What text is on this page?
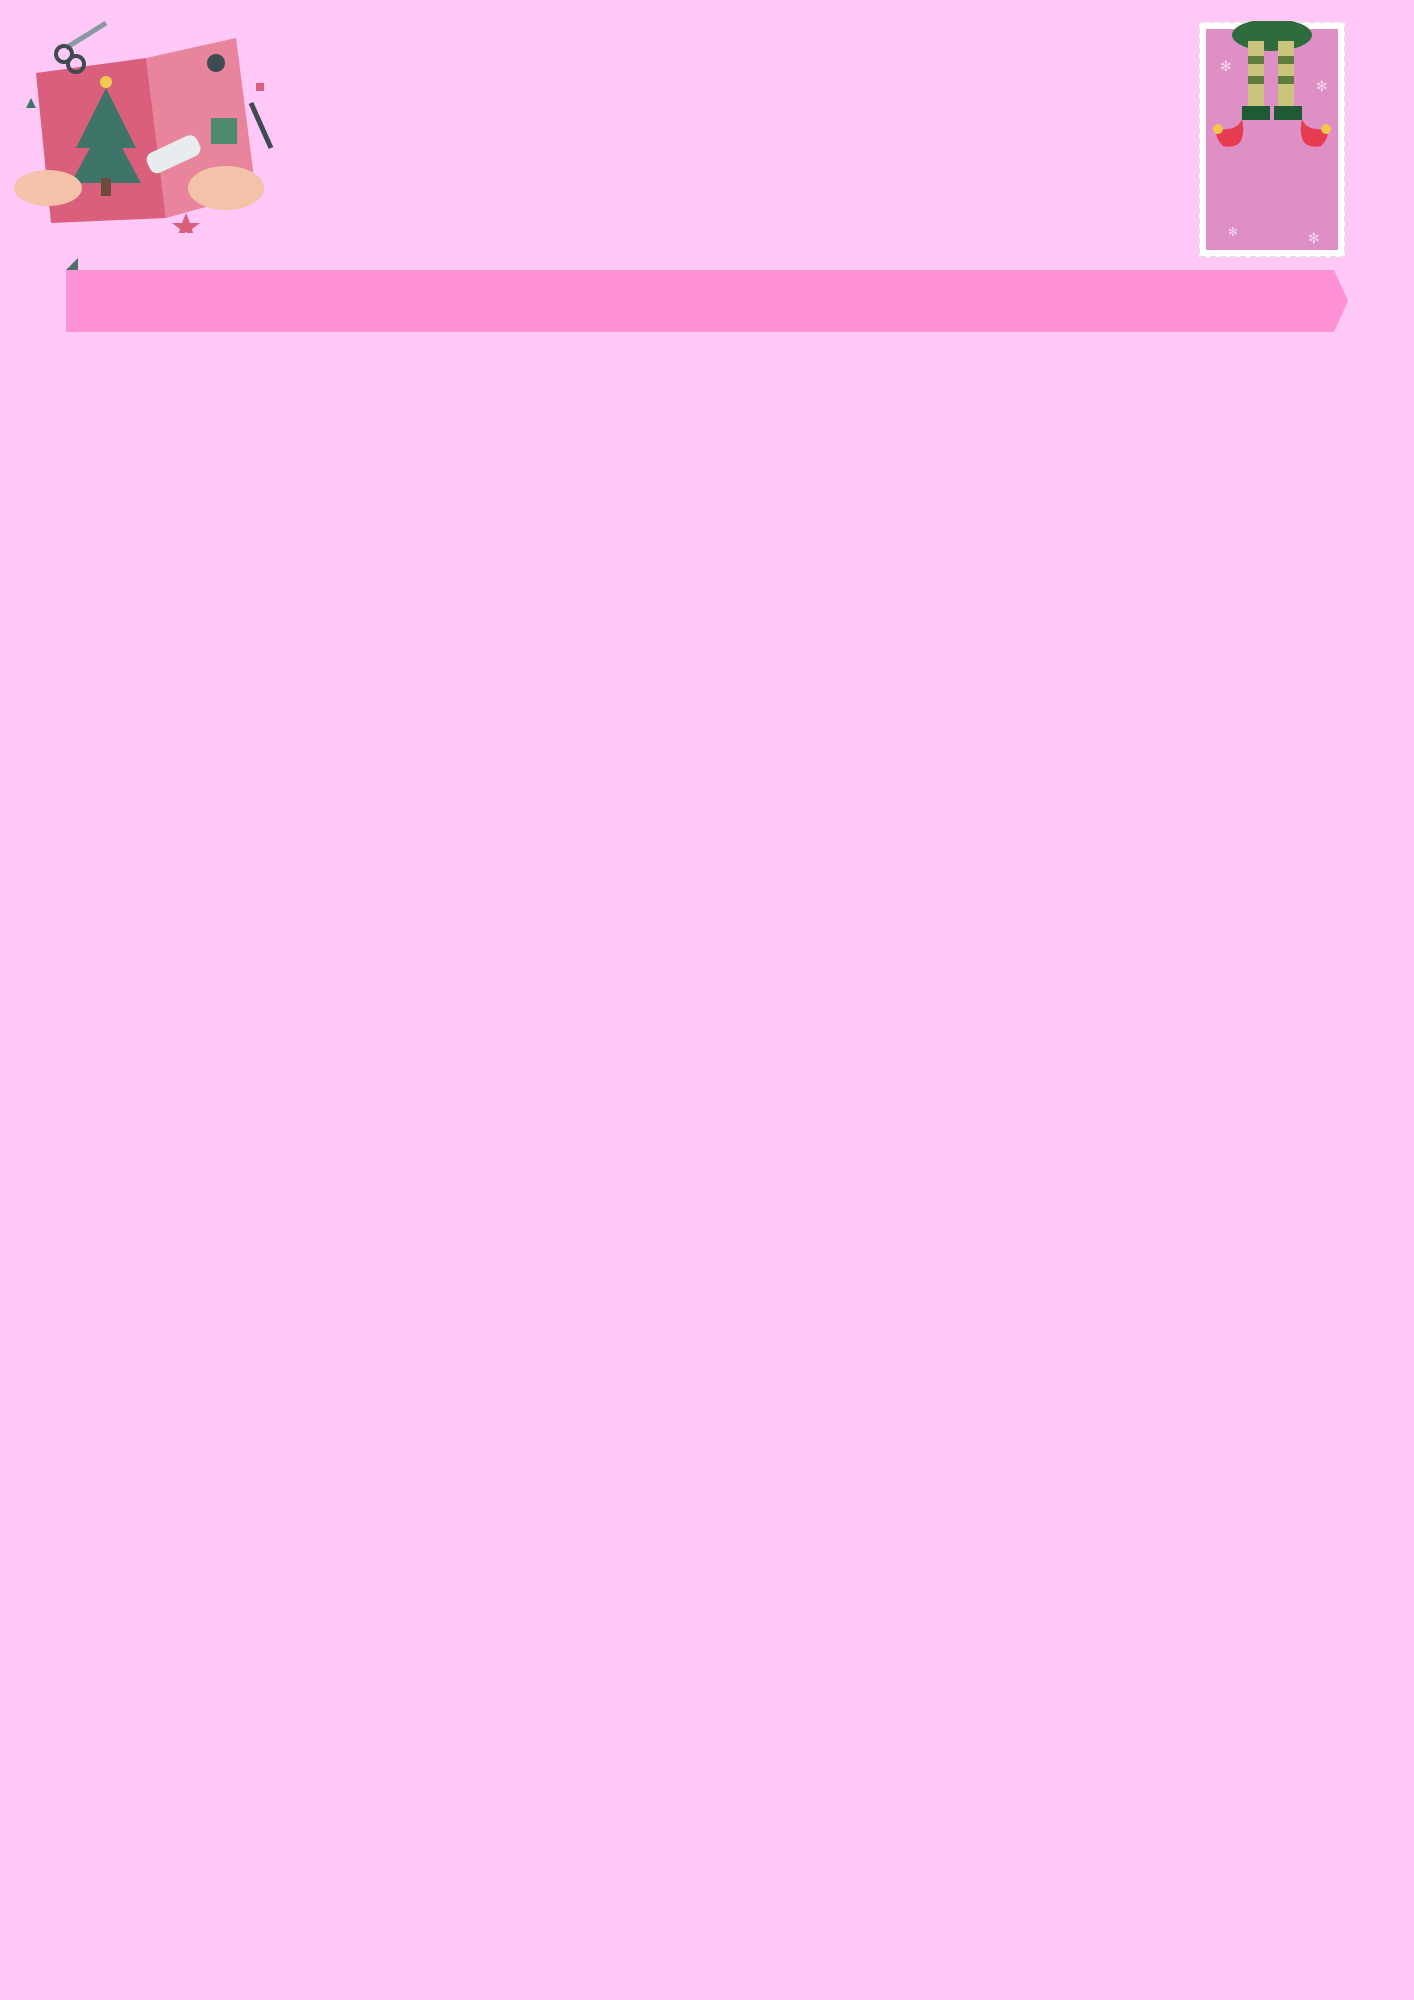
✻
✻
✻	✻
